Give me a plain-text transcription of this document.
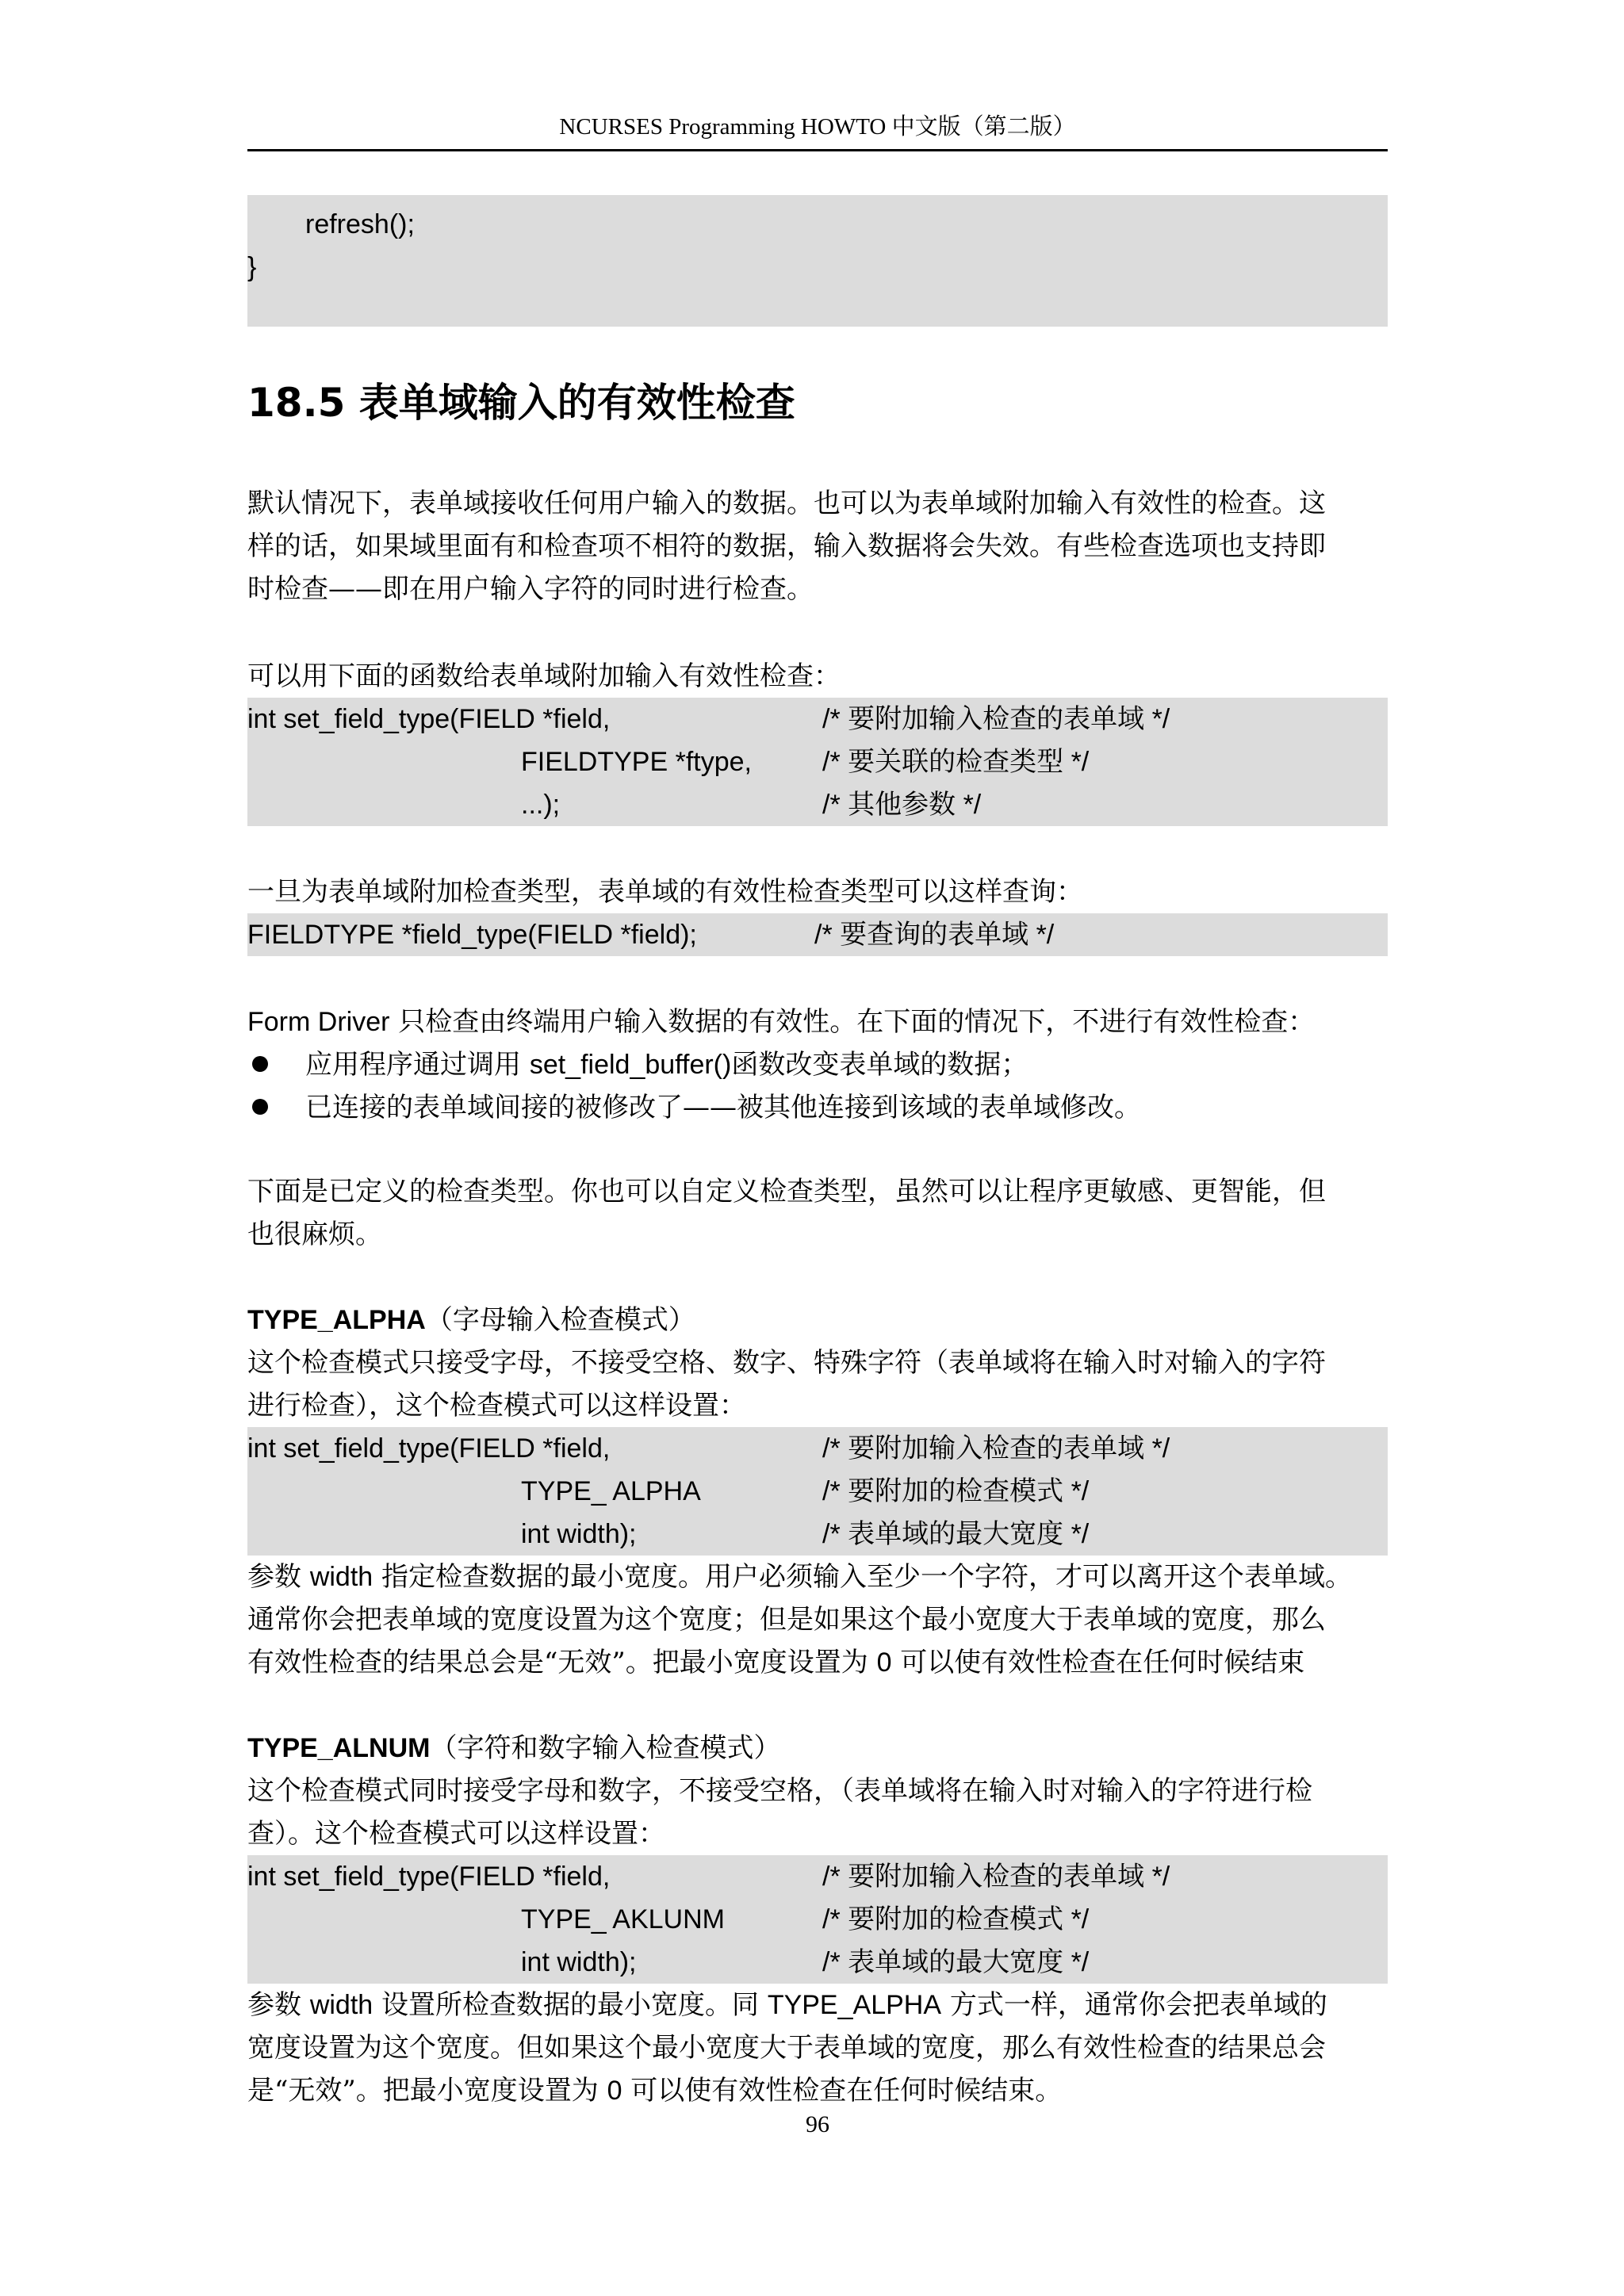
NCURSES Programming HOWTO 中文版（第二版）
refresh();
}
18.5 表单域输入的有效性检查
默认情况下，表单域接收任何用户输入的数据。也可以为表单域附加输入有效性的检查。这
样的话，如果域里面有和检查项不相符的数据，输入数据将会失效。有些检查选项也支持即
时检查——即在用户输入字符的同时进行检查。
可以用下面的函数给表单域附加输入有效性检查：
int set_field_type(FIELD *field,	/* 要附加输入检查的表单域 */
FIELDTYPE *ftype,	/* 要关联的检查类型 */
...);	/* 其他参数 */
一旦为表单域附加检查类型，表单域的有效性检查类型可以这样查询：
FIELDTYPE *field_type(FIELD *field);	/* 要查询的表单域 */
Form Driver 只检查由终端用户输入数据的有效性。在下面的情况下，不进行有效性检查：
应用程序通过调用 set_field_buffer()函数改变表单域的数据；
已连接的表单域间接的被修改了——被其他连接到该域的表单域修改。
下面是已定义的检查类型。你也可以自定义检查类型，虽然可以让程序更敏感、更智能，但
也很麻烦。
TYPE_ALPHA（字母输入检查模式）
这个检查模式只接受字母，不接受空格、数字、特殊字符（表单域将在输入时对输入的字符
进行检查），这个检查模式可以这样设置：
int set_field_type(FIELD *field,	/* 要附加输入检查的表单域 */
TYPE_ ALPHA	/* 要附加的检查模式 */
int width);	/* 表单域的最大宽度 */
参数 width 指定检查数据的最小宽度。用户必须输入至少一个字符，才可以离开这个表单域。
通常你会把表单域的宽度设置为这个宽度；但是如果这个最小宽度大于表单域的宽度，那么
有效性检查的结果总会是“无效”。把最小宽度设置为 0 可以使有效性检查在任何时候结束
TYPE_ALNUM（字符和数字输入检查模式）
这个检查模式同时接受字母和数字，不接受空格，（表单域将在输入时对输入的字符进行检
查）。这个检查模式可以这样设置：
int set_field_type(FIELD *field,	/* 要附加输入检查的表单域 */
TYPE_ AKLUNM	/* 要附加的检查模式 */
int width);	/* 表单域的最大宽度 */
参数 width 设置所检查数据的最小宽度。同 TYPE_ALPHA 方式一样，通常你会把表单域的
宽度设置为这个宽度。但如果这个最小宽度大于表单域的宽度，那么有效性检查的结果总会
是“无效”。把最小宽度设置为 0 可以使有效性检查在任何时候结束。
96
